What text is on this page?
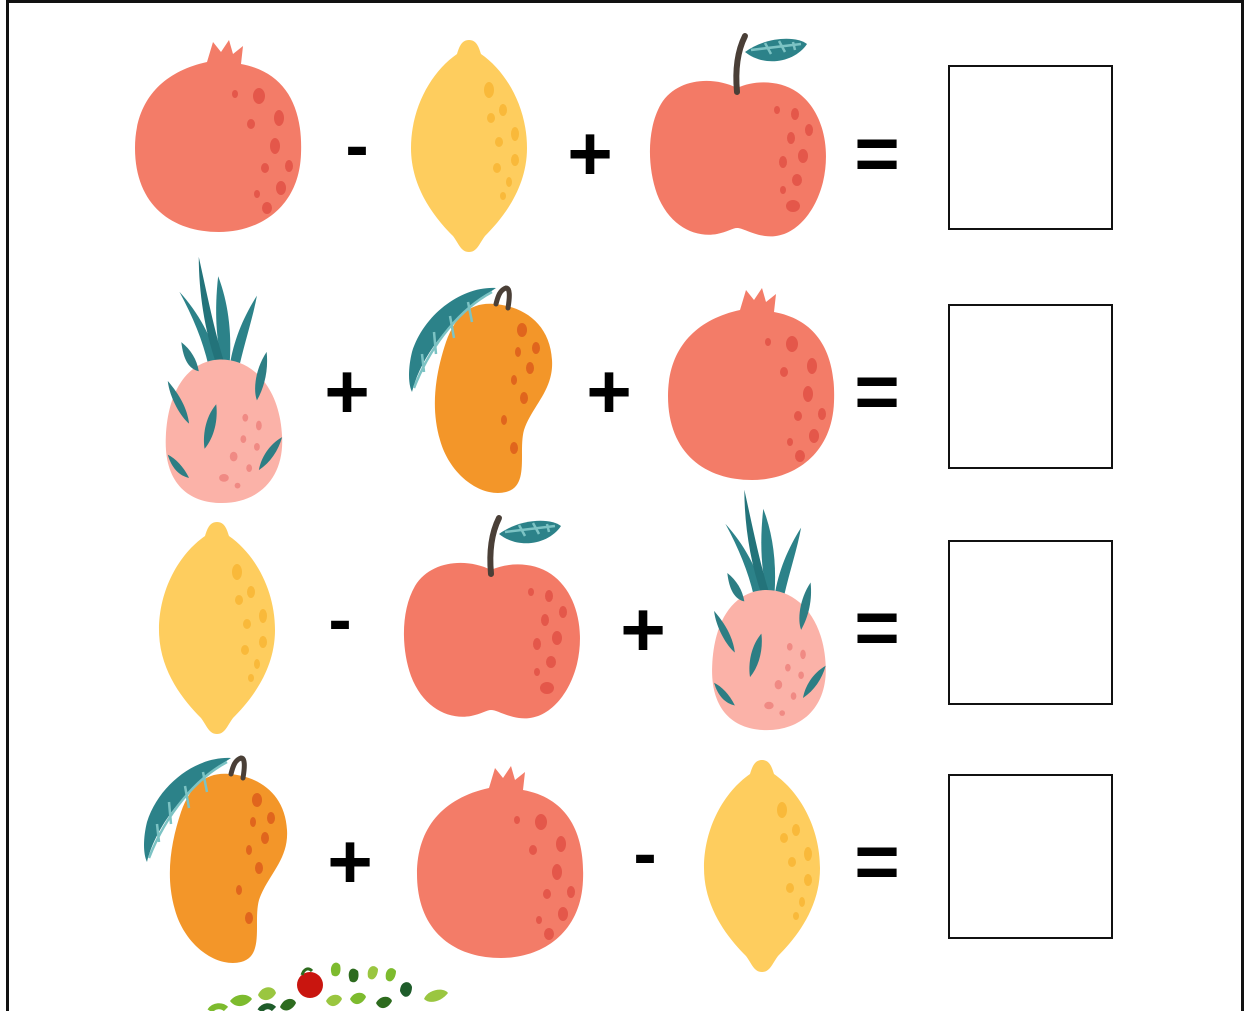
-	+	=
+	+	=
-	+ =
+	-	=
